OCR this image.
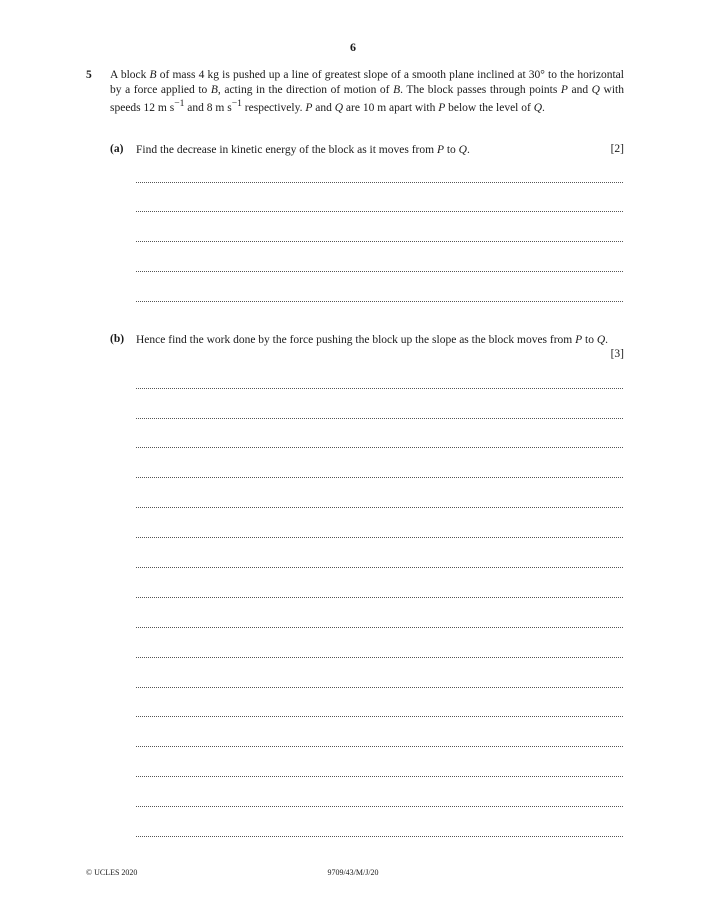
6
5 A block B of mass 4 kg is pushed up a line of greatest slope of a smooth plane inclined at 30° to the horizontal by a force applied to B, acting in the direction of motion of B. The block passes through points P and Q with speeds 12 m $s^{-1}$ and 8 m $s^{-1}$ respectively. P and Q are 10 m apart with P below the level of Q.
(a) Find the decrease in kinetic energy of the block as it moves from P to Q.	[2]
(b) Hence find the work done by the force pushing the block up the slope as the block moves from P to Q.
[3]
© UCLES 2020	9709/43/M/J/20
